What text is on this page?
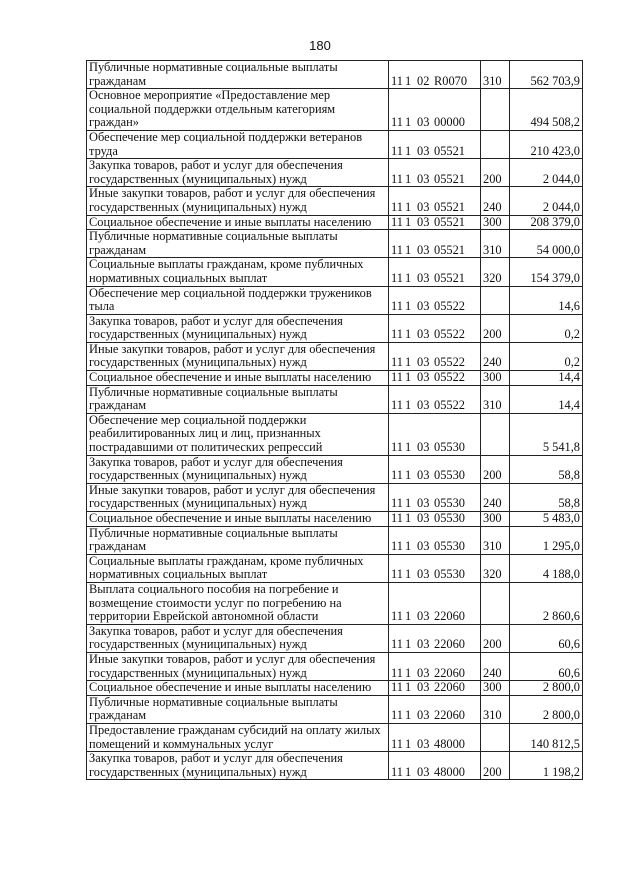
180
Публичные нормативные социальные выплаты гражданам	11 1 02 R0070	310	562 703,9
Основное мероприятие «Предоставление мер социальной поддержки отдельным категориям граждан»	11 1 03 00000		494 508,2
Обеспечение мер социальной поддержки ветеранов труда	11 1 03 05521		210 423,0
Закупка товаров, работ и услуг для обеспечения государственных (муниципальных) нужд	11 1 03 05521	200	2 044,0
Иные закупки товаров, работ и услуг для обеспечения государственных (муниципальных) нужд	11 1 03 05521	240	2 044,0
Социальное обеспечение и иные выплаты населению	11 1 03 05521	300	208 379,0
Публичные нормативные социальные выплаты гражданам	11 1 03 05521	310	54 000,0
Социальные выплаты гражданам, кроме публичных нормативных социальных выплат	11 1 03 05521	320	154 379,0
Обеспечение мер социальной поддержки тружеников тыла	11 1 03 05522		14,6
Закупка товаров, работ и услуг для обеспечения государственных (муниципальных) нужд	11 1 03 05522	200	0,2
Иные закупки товаров, работ и услуг для обеспечения государственных (муниципальных) нужд	11 1 03 05522	240	0,2
Социальное обеспечение и иные выплаты населению	11 1 03 05522	300	14,4
Публичные нормативные социальные выплаты гражданам	11 1 03 05522	310	14,4
Обеспечение мер социальной поддержки реабилитированных лиц и лиц, признанных пострадавшими от политических репрессий	11 1 03 05530		5 541,8
Закупка товаров, работ и услуг для обеспечения государственных (муниципальных) нужд	11 1 03 05530	200	58,8
Иные закупки товаров, работ и услуг для обеспечения государственных (муниципальных) нужд	11 1 03 05530	240	58,8
Социальное обеспечение и иные выплаты населению	11 1 03 05530	300	5 483,0
Публичные нормативные социальные выплаты гражданам	11 1 03 05530	310	1 295,0
Социальные выплаты гражданам, кроме публичных нормативных социальных выплат	11 1 03 05530	320	4 188,0
Выплата социального пособия на погребение и возмещение стоимости услуг по погребению на территории Еврейской автономной области	11 1 03 22060		2 860,6
Закупка товаров, работ и услуг для обеспечения государственных (муниципальных) нужд	11 1 03 22060	200	60,6
Иные закупки товаров, работ и услуг для обеспечения государственных (муниципальных) нужд	11 1 03 22060	240	60,6
Социальное обеспечение и иные выплаты населению	11 1 03 22060	300	2 800,0
Публичные нормативные социальные выплаты гражданам	11 1 03 22060	310	2 800,0
Предоставление гражданам субсидий на оплату жилых помещений и коммунальных услуг	11 1 03 48000		140 812,5
Закупка товаров, работ и услуг для обеспечения государственных (муниципальных) нужд	11 1 03 48000	200	1 198,2
